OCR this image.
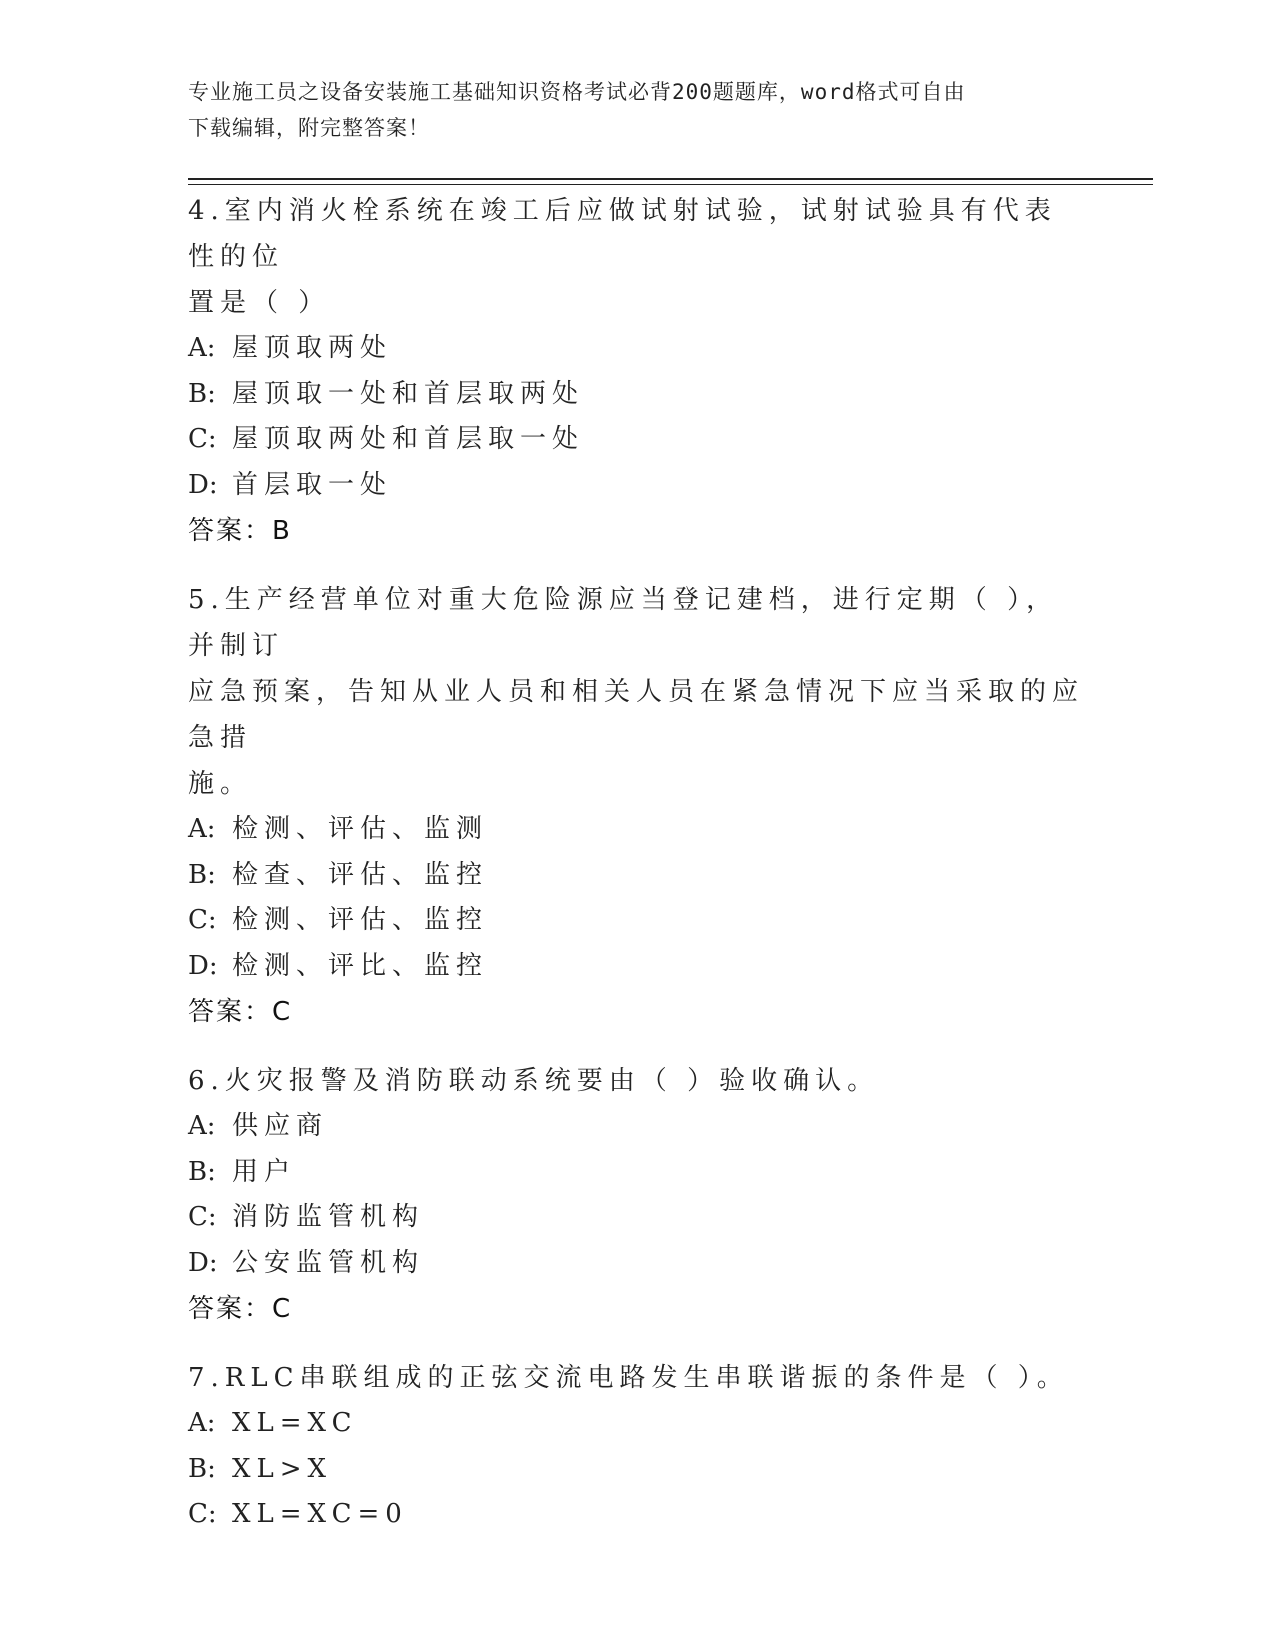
专业施工员之设备安装施工基础知识资格考试必背200题题库，word格式可自由
下载编辑，附完整答案！

4.室内消火栓系统在竣工后应做试射试验，试射试验具有代表性的位

置是（ ）

A: 屋顶取两处

B: 屋顶取一处和首层取两处

C: 屋顶取两处和首层取一处

D: 首层取一处

答案：B

5.生产经营单位对重大危险源应当登记建档，进行定期（ ），并制订

应急预案，告知从业人员和相关人员在紧急情况下应当采取的应急措

施。

A: 检测、评估、监测

B: 检查、评估、监控

C: 检测、评估、监控

D: 检测、评比、监控

答案：C

6.火灾报警及消防联动系统要由（ ）验收确认。

A: 供应商

B: 用户

C: 消防监管机构

D: 公安监管机构

答案：C

7.RLC串联组成的正弦交流电路发生串联谐振的条件是（ ）。

A: XL=XC

B: XL>X

C: XL=XC=0
